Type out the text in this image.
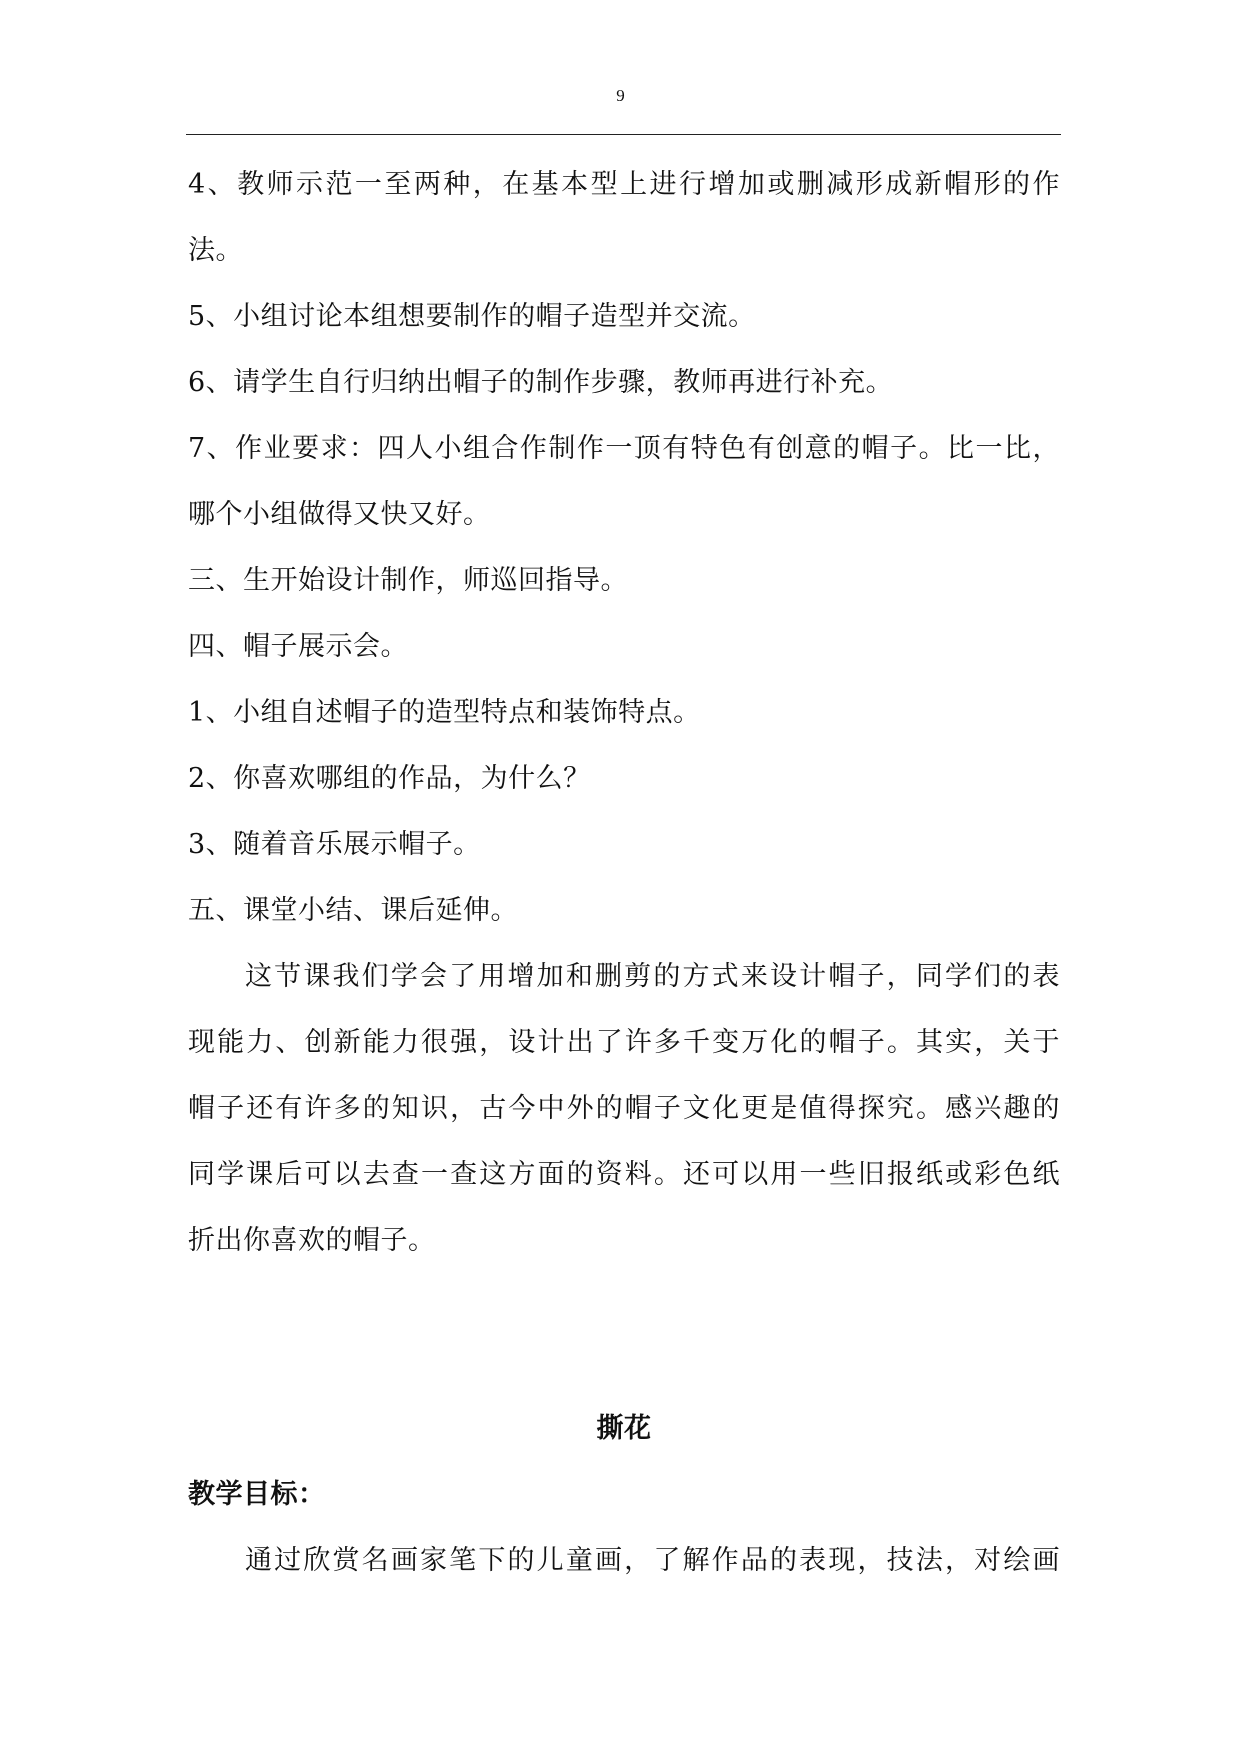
9
4、教师示范一至两种，在基本型上进行增加或删减形成新帽形的作
法。
5、小组讨论本组想要制作的帽子造型并交流。
6、请学生自行归纳出帽子的制作步骤，教师再进行补充。
7、作业要求：四人小组合作制作一顶有特色有创意的帽子。比一比，
哪个小组做得又快又好。
三、生开始设计制作，师巡回指导。
四、帽子展示会。
1、小组自述帽子的造型特点和装饰特点。
2、你喜欢哪组的作品，为什么？
3、随着音乐展示帽子。
五、课堂小结、课后延伸。
这节课我们学会了用增加和删剪的方式来设计帽子，同学们的表
现能力、创新能力很强，设计出了许多千变万化的帽子。其实，关于
帽子还有许多的知识，古今中外的帽子文化更是值得探究。感兴趣的
同学课后可以去查一查这方面的资料。还可以用一些旧报纸或彩色纸
折出你喜欢的帽子。
撕花
教学目标：
通过欣赏名画家笔下的儿童画，了解作品的表现，技法，对绘画
